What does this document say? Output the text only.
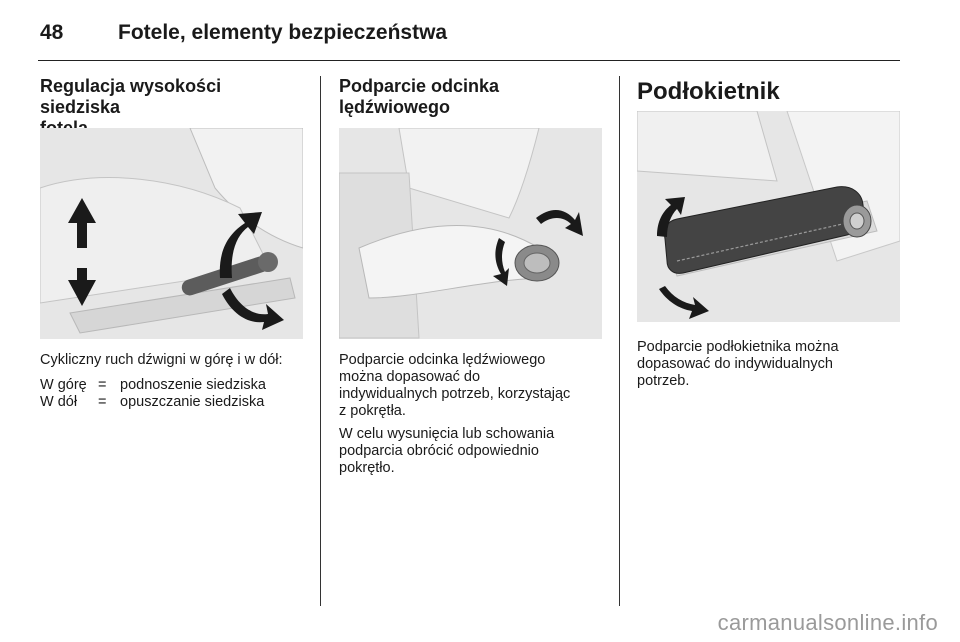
48	Fotele, elementy bezpieczeństwa
Regulacja wysokości siedziska

Cykliczny ruch dźwigni w górę i w dół:
W górę = podnoszenie siedziska
W dół	= opuszczanie siedziska
Podparcie odcinka
lędźwiowego

Podparcie odcinka lędźwiowego
można dopasować do
indywidualnych potrzeb, korzystając
z pokrętła.

W celu wysunięcia lub schowania
podparcia obrócić odpowiednio
pokrętło.

Podłokietnik

Podparcie podłokietnika można
dopasować do indywidualnych
potrzeb.

carmanualsonline.info
